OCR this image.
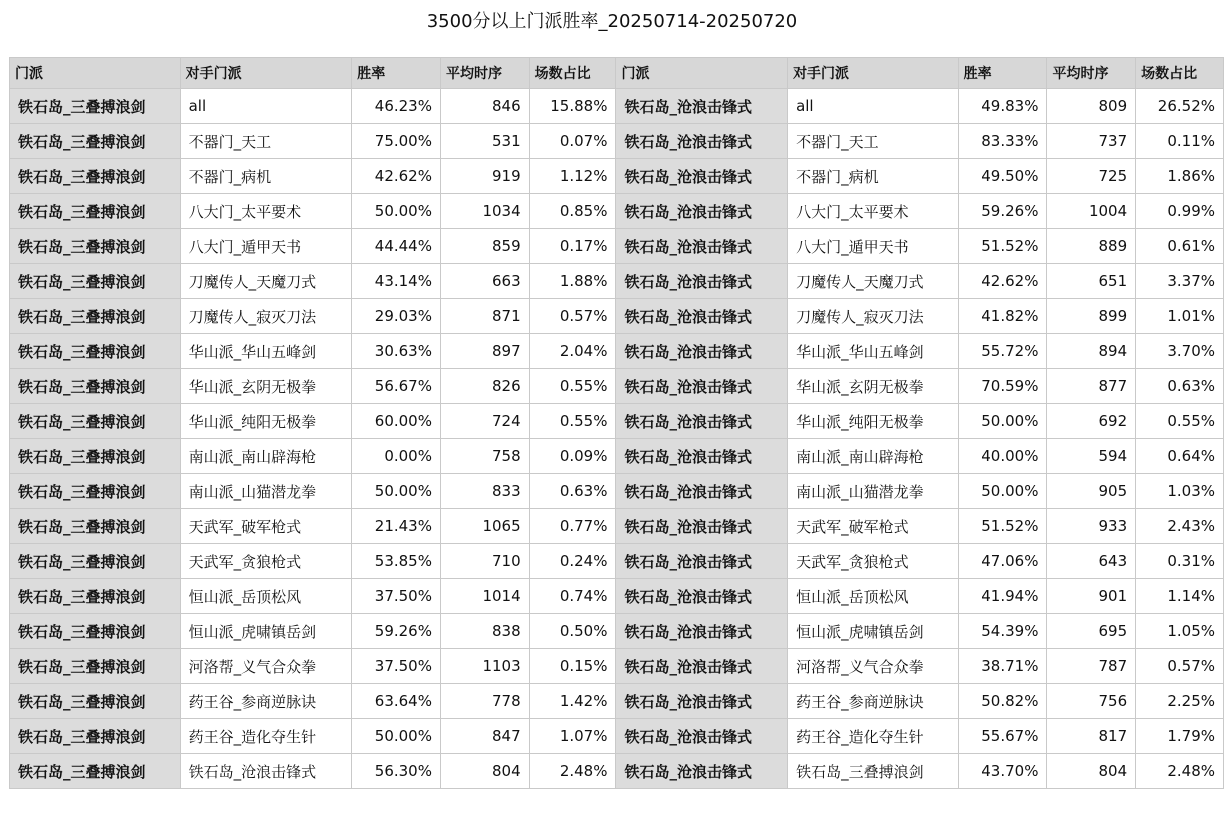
3500分以上门派胜率_20250714-20250720
门派	对手门派	胜率	平均时序	场数占比	门派	对手门派	胜率	平均时序	场数占比
铁石岛_三叠搏浪剑	all	46.23%	846	15.88%	铁石岛_沧浪击锋式	all	49.83%	809	26.52%
铁石岛_三叠搏浪剑	不器门_天工	75.00%	531	0.07%	铁石岛_沧浪击锋式	不器门_天工	83.33%	737	0.11%
铁石岛_三叠搏浪剑	不器门_病机	42.62%	919	1.12%	铁石岛_沧浪击锋式	不器门_病机	49.50%	725	1.86%
铁石岛_三叠搏浪剑	八大门_太平要术	50.00%	1034	0.85%	铁石岛_沧浪击锋式	八大门_太平要术	59.26%	1004	0.99%
铁石岛_三叠搏浪剑	八大门_遁甲天书	44.44%	859	0.17%	铁石岛_沧浪击锋式	八大门_遁甲天书	51.52%	889	0.61%
铁石岛_三叠搏浪剑	刀魔传人_天魔刀式	43.14%	663	1.88%	铁石岛_沧浪击锋式	刀魔传人_天魔刀式	42.62%	651	3.37%
铁石岛_三叠搏浪剑	刀魔传人_寂灭刀法	29.03%	871	0.57%	铁石岛_沧浪击锋式	刀魔传人_寂灭刀法	41.82%	899	1.01%
铁石岛_三叠搏浪剑	华山派_华山五峰剑	30.63%	897	2.04%	铁石岛_沧浪击锋式	华山派_华山五峰剑	55.72%	894	3.70%
铁石岛_三叠搏浪剑	华山派_玄阴无极拳	56.67%	826	0.55%	铁石岛_沧浪击锋式	华山派_玄阴无极拳	70.59%	877	0.63%
铁石岛_三叠搏浪剑	华山派_纯阳无极拳	60.00%	724	0.55%	铁石岛_沧浪击锋式	华山派_纯阳无极拳	50.00%	692	0.55%
铁石岛_三叠搏浪剑	南山派_南山辟海枪	0.00%	758	0.09%	铁石岛_沧浪击锋式	南山派_南山辟海枪	40.00%	594	0.64%
铁石岛_三叠搏浪剑	南山派_山猫潜龙拳	50.00%	833	0.63%	铁石岛_沧浪击锋式	南山派_山猫潜龙拳	50.00%	905	1.03%
铁石岛_三叠搏浪剑	天武军_破军枪式	21.43%	1065	0.77%	铁石岛_沧浪击锋式	天武军_破军枪式	51.52%	933	2.43%
铁石岛_三叠搏浪剑	天武军_贪狼枪式	53.85%	710	0.24%	铁石岛_沧浪击锋式	天武军_贪狼枪式	47.06%	643	0.31%
铁石岛_三叠搏浪剑	恒山派_岳顶松风	37.50%	1014	0.74%	铁石岛_沧浪击锋式	恒山派_岳顶松风	41.94%	901	1.14%
铁石岛_三叠搏浪剑	恒山派_虎啸镇岳剑	59.26%	838	0.50%	铁石岛_沧浪击锋式	恒山派_虎啸镇岳剑	54.39%	695	1.05%
铁石岛_三叠搏浪剑	河洛帮_义气合众拳	37.50%	1103	0.15%	铁石岛_沧浪击锋式	河洛帮_义气合众拳	38.71%	787	0.57%
铁石岛_三叠搏浪剑	药王谷_参商逆脉诀	63.64%	778	1.42%	铁石岛_沧浪击锋式	药王谷_参商逆脉诀	50.82%	756	2.25%
铁石岛_三叠搏浪剑	药王谷_造化夺生针	50.00%	847	1.07%	铁石岛_沧浪击锋式	药王谷_造化夺生针	55.67%	817	1.79%
铁石岛_三叠搏浪剑	铁石岛_沧浪击锋式	56.30%	804	2.48%	铁石岛_沧浪击锋式	铁石岛_三叠搏浪剑	43.70%	804	2.48%
